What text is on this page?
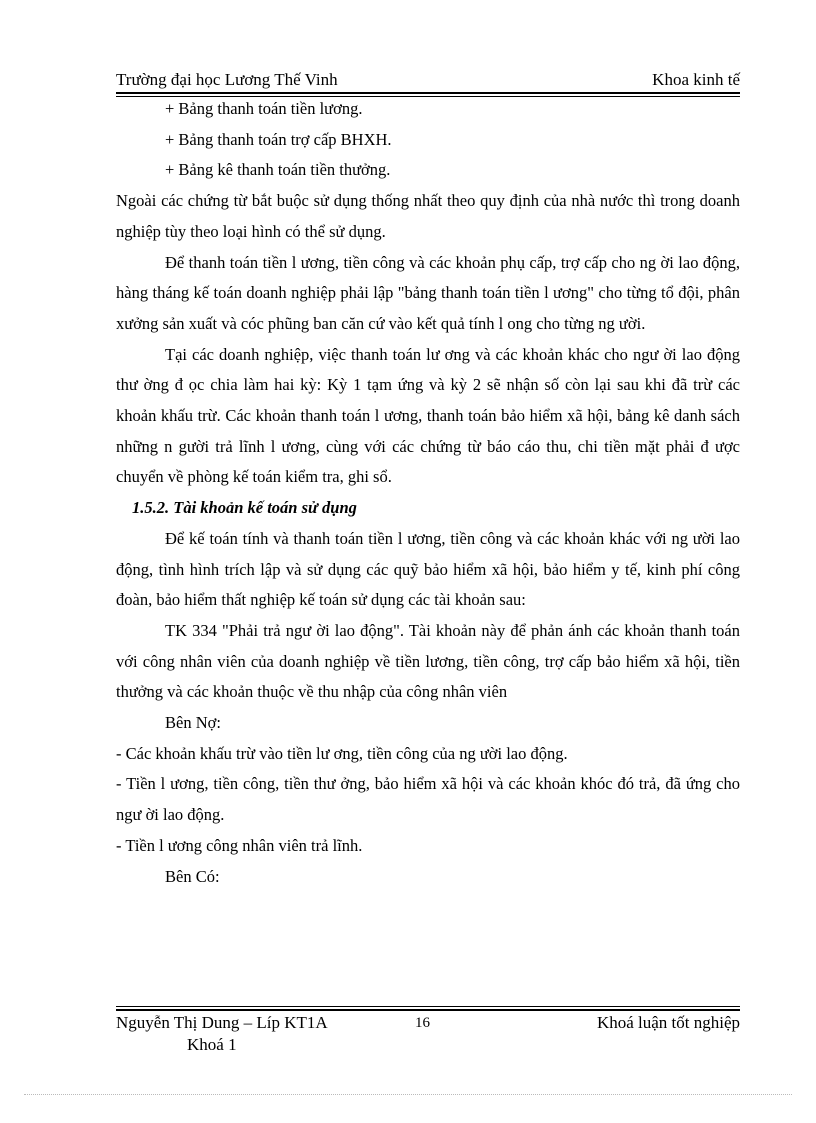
Trường đại học Lương Thế Vinh	Khoa kinh tế

+ Bảng thanh toán tiền lương.

+ Bảng thanh toán trợ cấp BHXH.

+ Bảng kê thanh toán tiền thưởng.

Ngoài các chứng từ bắt buộc sử dụng thống nhất theo quy định của nhà nước thì trong doanh nghiệp tùy theo loại hình có thể sử dụng.

Để thanh toán tiền l ương, tiền công và các khoản phụ cấp, trợ cấp cho ng ời lao động, hàng tháng kế toán doanh nghiệp phải lập "bảng thanh toán tiền l ương" cho từng tổ đội, phân xưởng sản xuất và cóc phũng ban căn cứ vào kết quả tính l ong cho từng ng ười.

Tại các doanh nghiệp, việc thanh toán lư ơng và các khoản khác cho ngư ời lao động thư ờng đ ọc chia làm hai kỳ: Kỳ 1 tạm ứng và kỳ 2 sẽ nhận số còn lại sau khi đã trừ các khoản khấu trừ. Các khoản thanh toán l ương, thanh toán bảo hiểm xã hội, bảng kê danh sách những n gười trả lĩnh l ương, cùng với các chứng từ báo cáo thu, chi tiền mặt phải đ ược chuyển về phòng kế toán kiểm tra, ghi sổ.

1.5.2. Tài khoản kế toán sử dụng

Để kế toán tính và thanh toán tiền l ương, tiền công và các khoản khác với ng ười lao động, tình hình trích lập và sử dụng các quỹ bảo hiểm xã hội, bảo hiểm y tế, kinh phí công đoàn, bảo hiểm thất nghiệp kế toán sử dụng các tài khoản sau:

TK 334 "Phải trả ngư ời lao động". Tài khoản này để phản ánh các khoản thanh toán với công nhân viên của doanh nghiệp về tiền lương, tiền công, trợ cấp bảo hiểm xã hội, tiền thưởng và các khoản thuộc về thu nhập của công nhân viên

Bên Nợ:

- Các khoản khấu trừ vào tiền lư ơng, tiền công của ng ười lao động.

- Tiền l ương, tiền công, tiền thư ởng, bảo hiểm xã hội và các khoản khóc đó trả, đã ứng cho ngư ời lao động.

- Tiền l ương công nhân viên trả lĩnh.

Bên Có:

Nguyễn Thị Dung – Líp KT1A	16	Khoá luận tốt nghiệp
Khoá 1
